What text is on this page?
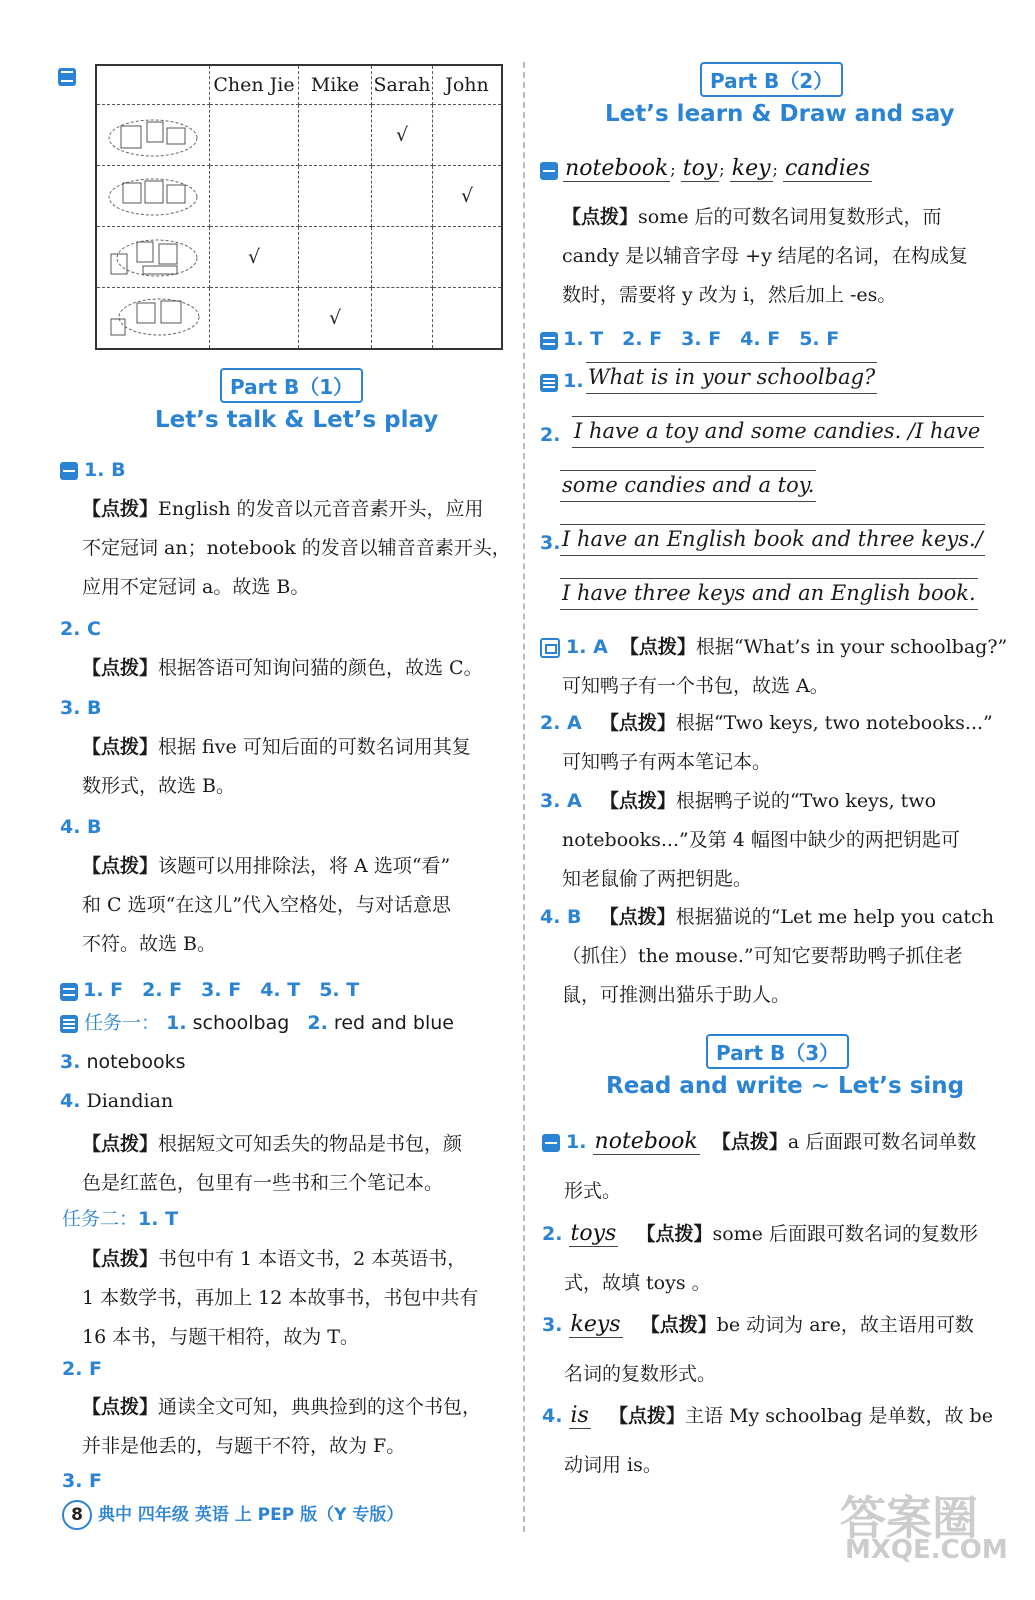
	Chen Jie	Mike	Sarah	John

			√	

				√

	√			

		√		
Part B（1）
Let’s talk & Let’s play
1. B
【点拨】English 的发音以元音音素开头，应用
不定冠词 an；notebook 的发音以辅音音素开头，
应用不定冠词 a。故选 B。
2. C
【点拨】根据答语可知询问猫的颜色，故选 C。
3. B
【点拨】根据 five 可知后面的可数名词用其复
数形式，故选 B。
4. B
【点拨】该题可以用排除法，将 A 选项“看”
和 C 选项“在这儿”代入空格处，与对话意思
不符。故选 B。
1. F　2. F　3. F　4. T　5. T
任务一： 1. schoolbag 2. red and blue
3. notebooks
4. Diandian
【点拨】根据短文可知丢失的物品是书包，颜
色是红蓝色，包里有一些书和三个笔记本。
任务二：1. T
【点拨】书包中有 1 本语文书，2 本英语书，
1 本数学书，再加上 12 本故事书，书包中共有
16 本书，与题干相符，故为 T。
2. F
【点拨】通读全文可知，典典捡到的这个书包，
并非是他丢的，与题干不符，故为 F。
3. F
Part B（2）
Let’s learn & Draw and say
notebook ; toy ; key ; candies
【点拨】some 后的可数名词用复数形式，而
candy 是以辅音字母 +y 结尾的名词，在构成复
数时，需要将 y 改为 i，然后加上 -es。
1. T　2. F　3. F　4. F　5. F
1. What is in your schoolbag?
2. I have a toy and some candies. /I have
some candies and a toy.
3. I have an English book and three keys./
I have three keys and an English book.
1. A 【点拨】根据“What’s in your schoolbag?”
可知鸭子有一个书包，故选 A。
2. A 【点拨】根据“Two keys, two notebooks...”
可知鸭子有两本笔记本。
3. A 【点拨】根据鸭子说的“Two keys, two
notebooks...”及第 4 幅图中缺少的两把钥匙可
知老鼠偷了两把钥匙。
4. B 【点拨】根据猫说的“Let me help you catch
（抓住）the mouse.”可知它要帮助鸭子抓住老
鼠，可推测出猫乐于助人。
Part B（3）
Read and write ~ Let’s sing
1. notebook 【点拨】a 后面跟可数名词单数
形式。
2. toys 【点拨】some 后面跟可数名词的复数形
式，故填 toys 。
3. keys 【点拨】be 动词为 are，故主语用可数
名词的复数形式。
4. is 【点拨】主语 My schoolbag 是单数，故 be
动词用 is。
8 典中 四年级 英语 上 PEP 版（Y 专版）	答案圈
MXQE.COM
